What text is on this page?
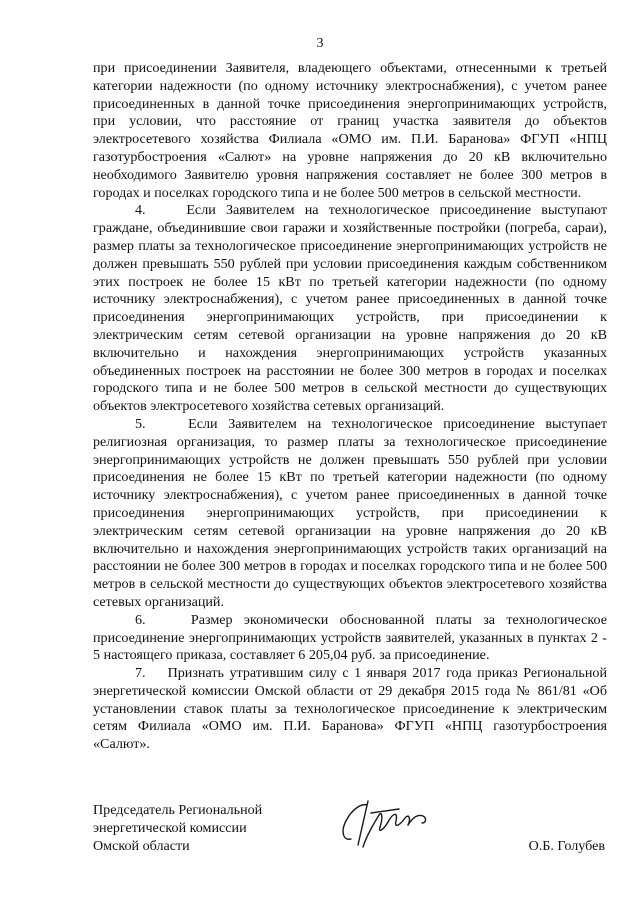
3

при присоединении Заявителя, владеющего объектами, отнесенными к третьей категории надежности (по одному источнику электроснабжения), с учетом ранее присоединенных в данной точке присоединения энергопринимающих устройств, при условии, что расстояние от границ участка заявителя до объектов электросетевого хозяйства Филиала «ОМО им. П.И. Баранова» ФГУП «НПЦ газотурбостроения «Салют» на уровне напряжения до 20 кВ включительно необходимого Заявителю уровня напряжения составляет не более 300 метров в городах и поселках городского типа и не более 500 метров в сельской местности.

4.    Если Заявителем на технологическое присоединение выступают граждане, объединившие свои гаражи и хозяйственные постройки (погреба, сараи), размер платы за технологическое присоединение энергопринимающих устройств не должен превышать 550 рублей при условии присоединения каждым собственником этих построек не более 15 кВт по третьей категории надежности (по одному источнику электроснабжения), с учетом ранее присоединенных в данной точке присоединения энергопринимающих устройств, при присоединении к электрическим сетям сетевой организации на уровне напряжения до 20 кВ включительно и нахождения энергопринимающих устройств указанных объединенных построек на расстоянии не более 300 метров в городах и поселках городского типа и не более 500 метров в сельской местности до существующих объектов электросетевого хозяйства сетевых организаций.

5.    Если Заявителем на технологическое присоединение выступает религиозная организация, то размер платы за технологическое присоединение энергопринимающих устройств не должен превышать 550 рублей при условии присоединения не более 15 кВт по третьей категории надежности (по одному источнику электроснабжения), с учетом ранее присоединенных в данной точке присоединения энергопринимающих устройств, при присоединении к электрическим сетям сетевой организации на уровне напряжения до 20 кВ включительно и нахождения энергопринимающих устройств таких организаций на расстоянии не более 300 метров в городах и поселках городского типа и не более 500 метров в сельской местности до существующих объектов электросетевого хозяйства сетевых организаций.

6.    Размер экономически обоснованной платы за технологическое присоединение энергопринимающих устройств заявителей, указанных в пунктах 2 - 5 настоящего приказа, составляет 6 205,04 руб. за присоединение.

7.    Признать утратившим силу с 1 января 2017 года приказ Региональной энергетической комиссии Омской области от 29 декабря 2015 года № 861/81 «Об установлении ставок платы за технологическое присоединение к электрическим сетям Филиала «ОМО им. П.И. Баранова» ФГУП «НПЦ газотурбостроения «Салют».

Председатель Региональной
энергетической комиссии
Омской области	О.Б. Голубев
